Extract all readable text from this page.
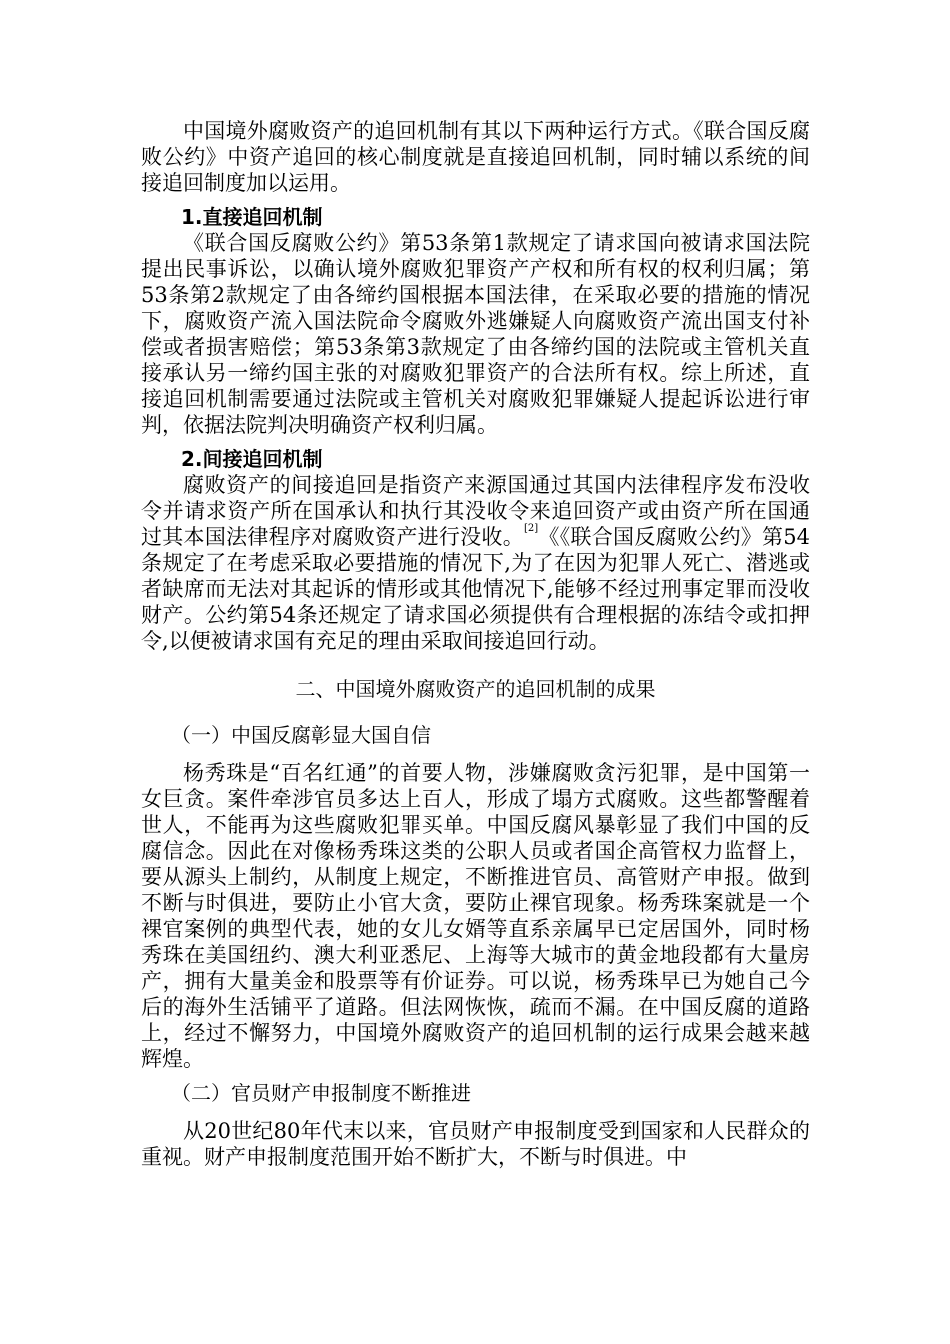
中国境外腐败资产的追回机制有其以下两种运行方式。《联合国反腐败公约》中资产追回的核心制度就是直接追回机制，同时辅以系统的间接追回制度加以运用。

1.直接追回机制

《联合国反腐败公约》第53条第1款规定了请求国向被请求国法院提出民事诉讼，以确认境外腐败犯罪资产产权和所有权的权利归属；第53条第2款规定了由各缔约国根据本国法律，在采取必要的措施的情况下，腐败资产流入国法院命令腐败外逃嫌疑人向腐败资产流出国支付补偿或者损害赔偿；第53条第3款规定了由各缔约国的法院或主管机关直接承认另一缔约国主张的对腐败犯罪资产的合法所有权。综上所述，直接追回机制需要通过法院或主管机关对腐败犯罪嫌疑人提起诉讼进行审判，依据法院判决明确资产权利归属。

2.间接追回机制

腐败资产的间接追回是指资产来源国通过其国内法律程序发布没收令并请求资产所在国承认和执行其没收令来追回资产或由资产所在国通过其本国法律程序对腐败资产进行没收。[2]《《联合国反腐败公约》第54条规定了在考虑采取必要措施的情况下,为了在因为犯罪人死亡、潜逃或者缺席而无法对其起诉的情形或其他情况下,能够不经过刑事定罪而没收财产。公约第54条还规定了请求国必须提供有合理根据的冻结令或扣押令,以便被请求国有充足的理由采取间接追回行动。

二、中国境外腐败资产的追回机制的成果
（一）中国反腐彰显大国自信

杨秀珠是“百名红通”的首要人物，涉嫌腐败贪污犯罪，是中国第一女巨贪。案件牵涉官员多达上百人，形成了塌方式腐败。这些都警醒着世人，不能再为这些腐败犯罪买单。中国反腐风暴彰显了我们中国的反腐信念。因此在对像杨秀珠这类的公职人员或者国企高管权力监督上，要从源头上制约，从制度上规定，不断推进官员、高管财产申报。做到不断与时俱进，要防止小官大贪，要防止裸官现象。杨秀珠案就是一个裸官案例的典型代表，她的女儿女婿等直系亲属早已定居国外，同时杨秀珠在美国纽约、澳大利亚悉尼、上海等大城市的黄金地段都有大量房产，拥有大量美金和股票等有价证券。可以说，杨秀珠早已为她自己今后的海外生活铺平了道路。但法网恢恢，疏而不漏。在中国反腐的道路上，经过不懈努力，中国境外腐败资产的追回机制的运行成果会越来越辉煌。

（二）官员财产申报制度不断推进

从20世纪80年代末以来，官员财产申报制度受到国家和人民群众的重视。财产申报制度范围开始不断扩大，不断与时俱进。中
